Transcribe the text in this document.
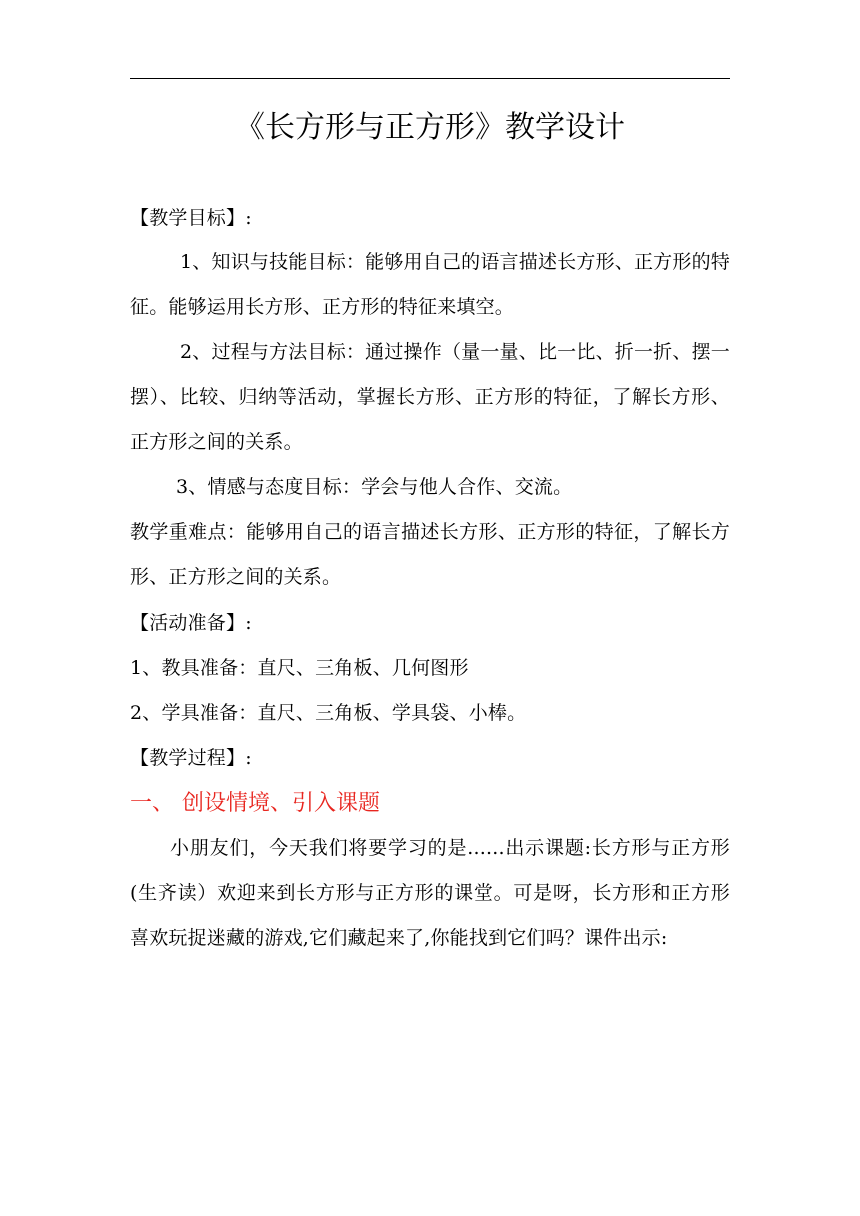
《长方形与正方形》教学设计
【教学目标】:
1、知识与技能目标：能够用自己的语言描述长方形、正方形的特征。能够运用长方形、正方形的特征来填空。
2、过程与方法目标：通过操作（量一量、比一比、折一折、摆一摆）、比较、归纳等活动，掌握长方形、正方形的特征，了解长方形、正方形之间的关系。
3、情感与态度目标：学会与他人合作、交流。
教学重难点：能够用自己的语言描述长方形、正方形的特征，了解长方形、正方形之间的关系。
【活动准备】:
1、教具准备：直尺、三角板、几何图形
2、学具准备：直尺、三角板、学具袋、小棒。
【教学过程】:
一、 创设情境、引入课题
小朋友们，今天我们将要学习的是......出示课题:长方形与正方形(生齐读）欢迎来到长方形与正方形的课堂。可是呀，长方形和正方形喜欢玩捉迷藏的游戏,它们藏起来了,你能找到它们吗？课件出示:
